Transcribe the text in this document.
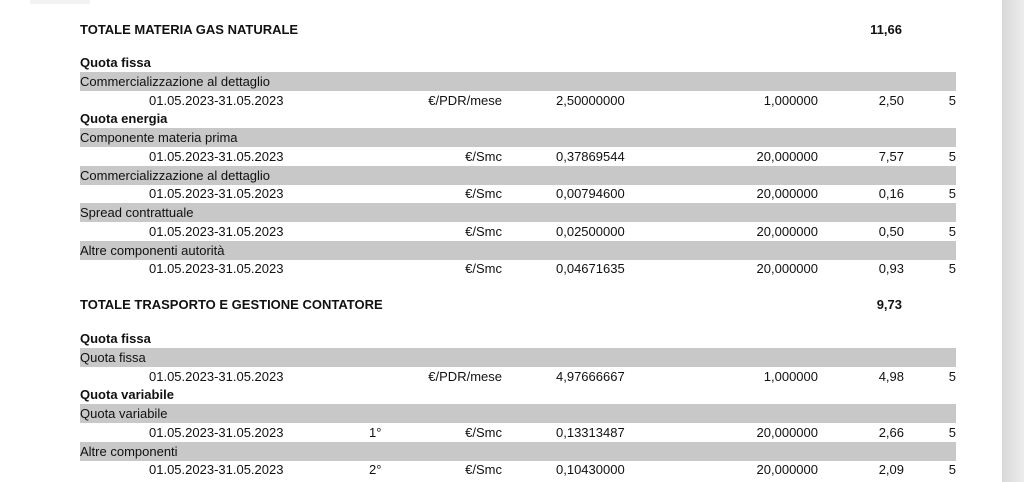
TOTALE MATERIA GAS NATURALE	11,66
Quota fissa
Commercializzazione al dettaglio
01.05.2023-31.05.2023	€/PDR/mese	2,50000000	1,000000	2,50	5
Quota energia
Componente materia prima
01.05.2023-31.05.2023	€/Smc	0,37869544	20,000000	7,57	5
Commercializzazione al dettaglio
01.05.2023-31.05.2023	€/Smc	0,00794600	20,000000	0,16	5
Spread contrattuale
01.05.2023-31.05.2023	€/Smc	0,02500000	20,000000	0,50	5
Altre componenti autorità
01.05.2023-31.05.2023	€/Smc	0,04671635	20,000000	0,93	5
TOTALE TRASPORTO E GESTIONE CONTATORE	9,73
Quota fissa
Quota fissa
01.05.2023-31.05.2023	€/PDR/mese	4,97666667	1,000000	4,98	5
Quota variabile
Quota variabile
01.05.2023-31.05.2023	1°	€/Smc	0,13313487	20,000000	2,66	5
Altre componenti
01.05.2023-31.05.2023	2°	€/Smc	0,10430000	20,000000	2,09	5
